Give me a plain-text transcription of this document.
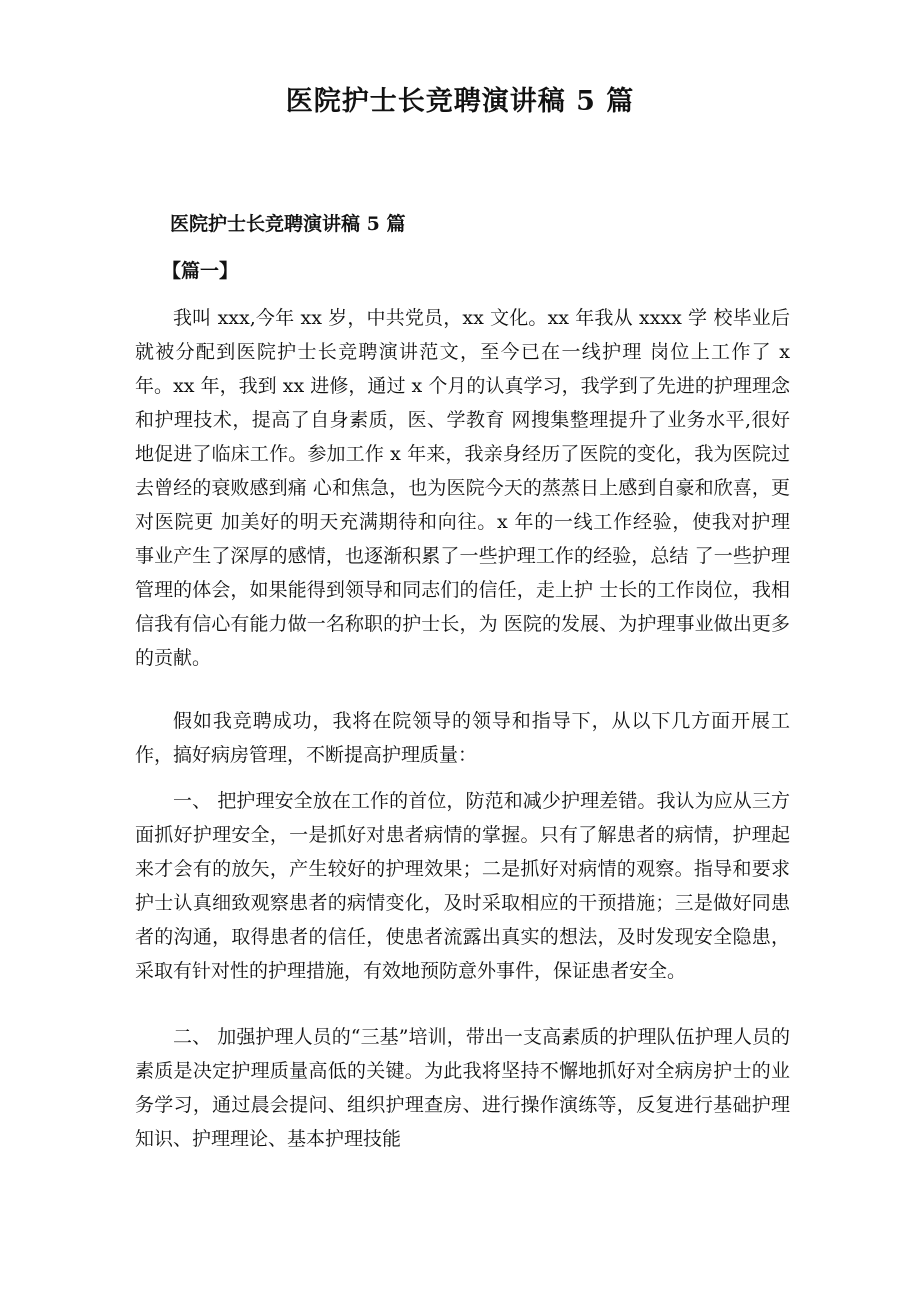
医院护士长竞聘演讲稿 5 篇

医院护士长竞聘演讲稿 5 篇

【篇一】

我叫 xxx,今年 xx 岁，中共党员，xx 文化。xx 年我从 xxxx 学 校毕业后就被分配到医院护士长竞聘演讲范文，至今已在一线护理 岗位上工作了 x 年。xx 年，我到 xx 进修，通过 x 个月的认真学习，我学到了先进的护理理念和护理技术，提高了自身素质，医、学教育 网搜集整理提升了业务水平,很好地促进了临床工作。参加工作 x 年来，我亲身经历了医院的变化，我为医院过去曾经的衰败感到痛 心和焦急，也为医院今天的蒸蒸日上感到自豪和欣喜，更对医院更 加美好的明天充满期待和向往。x 年的一线工作经验，使我对护理 事业产生了深厚的感情，也逐渐积累了一些护理工作的经验，总结 了一些护理管理的体会，如果能得到领导和同志们的信任，走上护 士长的工作岗位，我相信我有信心有能力做一名称职的护士长，为 医院的发展、为护理事业做出更多的贡献。

假如我竞聘成功，我将在院领导的领导和指导下，从以下几方面开展工作，搞好病房管理，不断提高护理质量：

一、 把护理安全放在工作的首位，防范和减少护理差错。我认为应从三方面抓好护理安全，一是抓好对患者病情的掌握。只有了解患者的病情，护理起来才会有的放矢，产生较好的护理效果；二是抓好对病情的观察。指导和要求护士认真细致观察患者的病情变化，及时采取相应的干预措施；三是做好同患者的沟通，取得患者的信任，使患者流露出真实的想法，及时发现安全隐患，采取有针对性的护理措施，有效地预防意外事件，保证患者安全。

二、 加强护理人员的“三基”培训，带出一支高素质的护理队伍护理人员的素质是决定护理质量高低的关键。为此我将坚持不懈地抓好对全病房护士的业务学习，通过晨会提问、组织护理查房、进行操作演练等，反复进行基础护理知识、护理理论、基本护理技能
